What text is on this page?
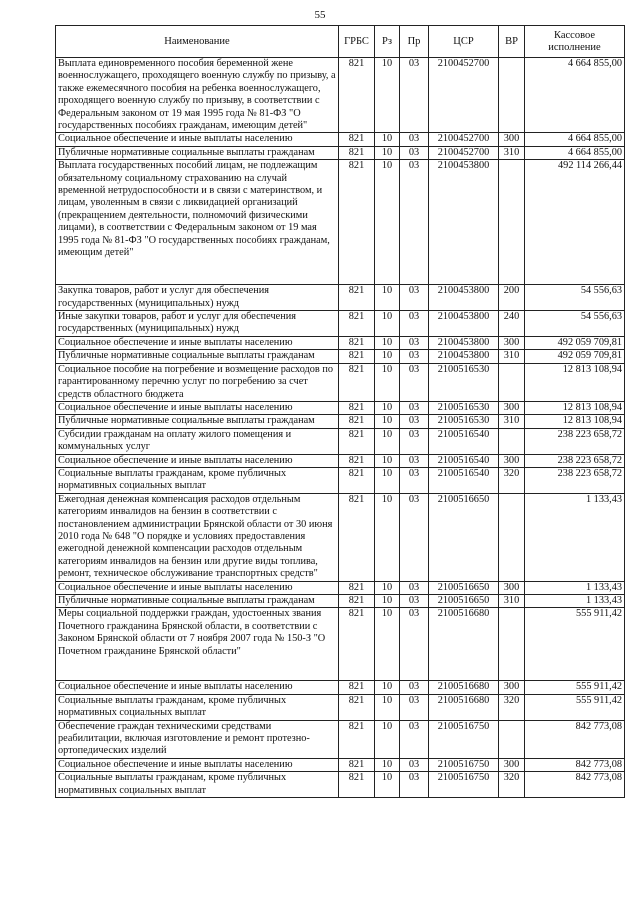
55
Наименование	ГРБС	Рз	Пр	ЦСР	ВР	Кассовое исполнение
Выплата единовременного пособия беременной жене военнослужащего, проходящего военную службу по призыву, а также ежемесячного пособия на ребенка военнослужащего, проходящего военную службу по призыву, в соответствии с Федеральным законом от 19 мая 1995 года № 81-ФЗ "О государственных пособиях гражданам, имеющим детей"	821	10	03	2100452700		4 664 855,00
Социальное обеспечение и иные выплаты населению	821	10	03	2100452700	300	4 664 855,00
Публичные нормативные социальные выплаты гражданам	821	10	03	2100452700	310	4 664 855,00
Выплата государственных пособий лицам, не подлежащим обязательному социальному страхованию на случай временной нетрудоспособности и в связи с материнством, и лицам, уволенным в связи с ликвидацией организаций (прекращением деятельности, полномочий физическими лицами), в соответствии с Федеральным законом от 19 мая 1995 года № 81-ФЗ "О государственных пособиях гражданам, имеющим детей"	821	10	03	2100453800		492 114 266,44
Закупка товаров, работ и услуг для обеспечения государственных (муниципальных) нужд	821	10	03	2100453800	200	54 556,63
Иные закупки товаров, работ и услуг для обеспечения государственных (муниципальных) нужд	821	10	03	2100453800	240	54 556,63
Социальное обеспечение и иные выплаты населению	821	10	03	2100453800	300	492 059 709,81
Публичные нормативные социальные выплаты гражданам	821	10	03	2100453800	310	492 059 709,81
Социальное пособие на погребение и возмещение расходов по гарантированному перечню услуг по погребению за счет средств областного бюджета	821	10	03	2100516530		12 813 108,94
Социальное обеспечение и иные выплаты населению	821	10	03	2100516530	300	12 813 108,94
Публичные нормативные социальные выплаты гражданам	821	10	03	2100516530	310	12 813 108,94
Субсидии гражданам на оплату жилого помещения и коммунальных услуг	821	10	03	2100516540		238 223 658,72
Социальное обеспечение и иные выплаты населению	821	10	03	2100516540	300	238 223 658,72
Социальные выплаты гражданам, кроме публичных нормативных социальных выплат	821	10	03	2100516540	320	238 223 658,72
Ежегодная денежная компенсация расходов отдельным категориям инвалидов на бензин в соответствии с постановлением администрации Брянской области от 30 июня 2010 года № 648 "О порядке и условиях предоставления ежегодной денежной компенсации расходов отдельным категориям инвалидов на бензин или другие виды топлива, ремонт, техническое обслуживание транспортных средств"	821	10	03	2100516650		1 133,43
Социальное обеспечение и иные выплаты населению	821	10	03	2100516650	300	1 133,43
Публичные нормативные социальные выплаты гражданам	821	10	03	2100516650	310	1 133,43
Меры социальной поддержки граждан, удостоенных звания Почетного гражданина Брянской области, в соответствии с Законом Брянской области от 7 ноября 2007 года № 150-З "О Почетном гражданине Брянской области"	821	10	03	2100516680		555 911,42
Социальное обеспечение и иные выплаты населению	821	10	03	2100516680	300	555 911,42
Социальные выплаты гражданам, кроме публичных нормативных социальных выплат	821	10	03	2100516680	320	555 911,42
Обеспечение граждан техническими средствами реабилитации, включая изготовление и ремонт протезно-ортопедических изделий	821	10	03	2100516750		842 773,08
Социальное обеспечение и иные выплаты населению	821	10	03	2100516750	300	842 773,08
Социальные выплаты гражданам, кроме публичных нормативных социальных выплат	821	10	03	2100516750	320	842 773,08
